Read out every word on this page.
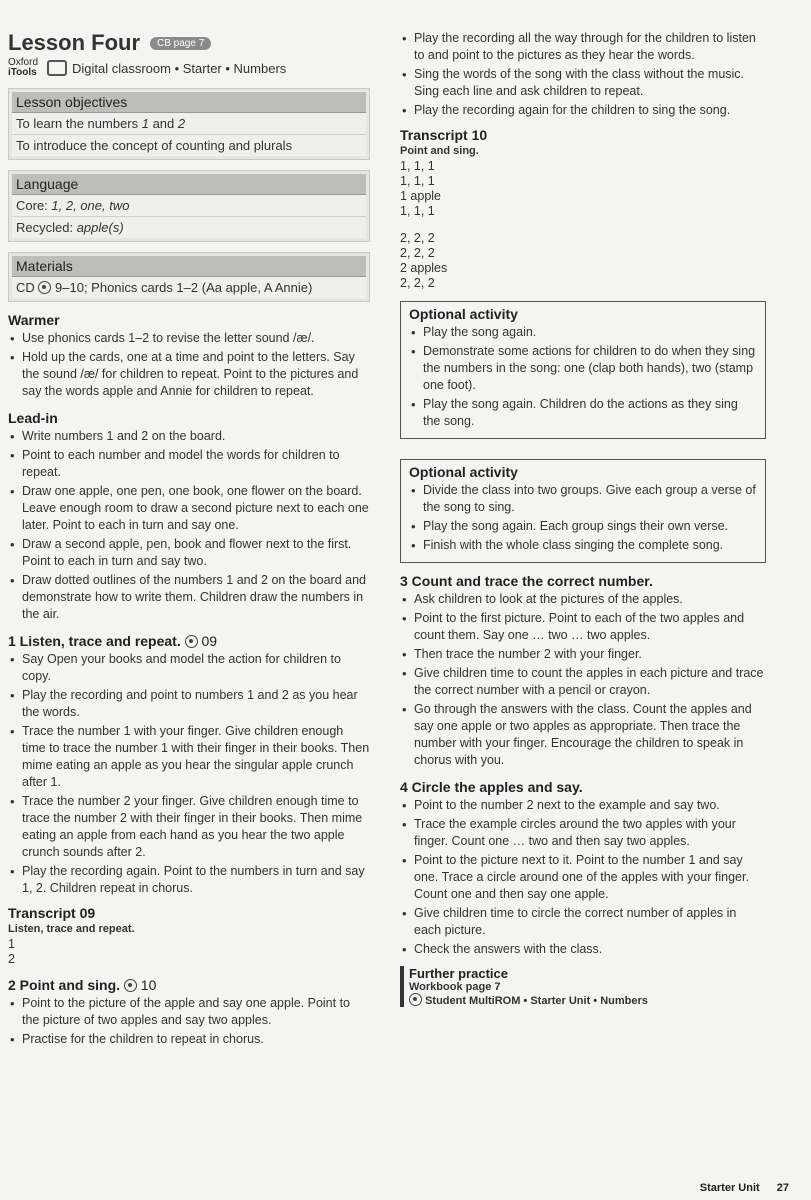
Lesson Four	CB page 7
Oxford
iTools	Digital classroom • Starter • Numbers
Lesson objectives
To learn the numbers 1 and 2
To introduce the concept of counting and plurals
Language
Core: 1, 2, one, two
Recycled: apple(s)
Materials
CD 9–10; Phonics cards 1–2 (Aa apple, A Annie)
Warmer
• Use phonics cards 1–2 to revise the letter sound /æ/.
• Hold up the cards, one at a time and point to the letters. Say the sound /æ/ for children to repeat. Point to the pictures and say the words apple and Annie for children to repeat.
Lead-in
• Write numbers 1 and 2 on the board.
• Point to each number and model the words for children to repeat.
• Draw one apple, one pen, one book, one flower on the board. Leave enough room to draw a second picture next to each one later. Point to each in turn and say one.
• Draw a second apple, pen, book and flower next to the first. Point to each in turn and say two.
• Draw dotted outlines of the numbers 1 and 2 on the board and demonstrate how to write them. Children draw the numbers in the air.
1 Listen, trace and repeat. 09
• Say Open your books and model the action for children to copy.
• Play the recording and point to numbers 1 and 2 as you hear the words.
• Trace the number 1 with your finger. Give children enough time to trace the number 1 with their finger in their books. Then mime eating an apple as you hear the singular apple crunch after 1.
• Trace the number 2 your finger. Give children enough time to trace the number 2 with their finger in their books. Then mime eating an apple from each hand as you hear the two apple crunch sounds after 2.
• Play the recording again. Point to the numbers in turn and say 1, 2. Children repeat in chorus.
Transcript 09
Listen, trace and repeat.
1
2
2 Point and sing. 10
• Point to the picture of the apple and say one apple. Point to the picture of two apples and say two apples.
• Practise for the children to repeat in chorus.
• Play the recording all the way through for the children to listen to and point to the pictures as they hear the words.
• Sing the words of the song with the class without the music. Sing each line and ask children to repeat.
• Play the recording again for the children to sing the song.
Transcript 10
Point and sing.
1, 1, 1
1, 1, 1
1 apple
1, 1, 1
2, 2, 2
2, 2, 2
2 apples
2, 2, 2
Optional activity
• Play the song again.
• Demonstrate some actions for children to do when they sing the numbers in the song: one (clap both hands), two (stamp one foot).
• Play the song again. Children do the actions as they sing the song.
Optional activity
• Divide the class into two groups. Give each group a verse of the song to sing.
• Play the song again. Each group sings their own verse.
• Finish with the whole class singing the complete song.
3 Count and trace the correct number.
• Ask children to look at the pictures of the apples.
• Point to the first picture. Point to each of the two apples and count them. Say one … two … two apples.
• Then trace the number 2 with your finger.
• Give children time to count the apples in each picture and trace the correct number with a pencil or crayon.
• Go through the answers with the class. Count the apples and say one apple or two apples as appropriate. Then trace the number with your finger. Encourage the children to speak in chorus with you.
4 Circle the apples and say.
• Point to the number 2 next to the example and say two.
• Trace the example circles around the two apples with your finger. Count one … two and then say two apples.
• Point to the picture next to it. Point to the number 1 and say one. Trace a circle around one of the apples with your finger. Count one and then say one apple.
• Give children time to circle the correct number of apples in each picture.
• Check the answers with the class.
Further practice
Workbook page 7
Student MultiROM • Starter Unit • Numbers
Starter Unit 27
